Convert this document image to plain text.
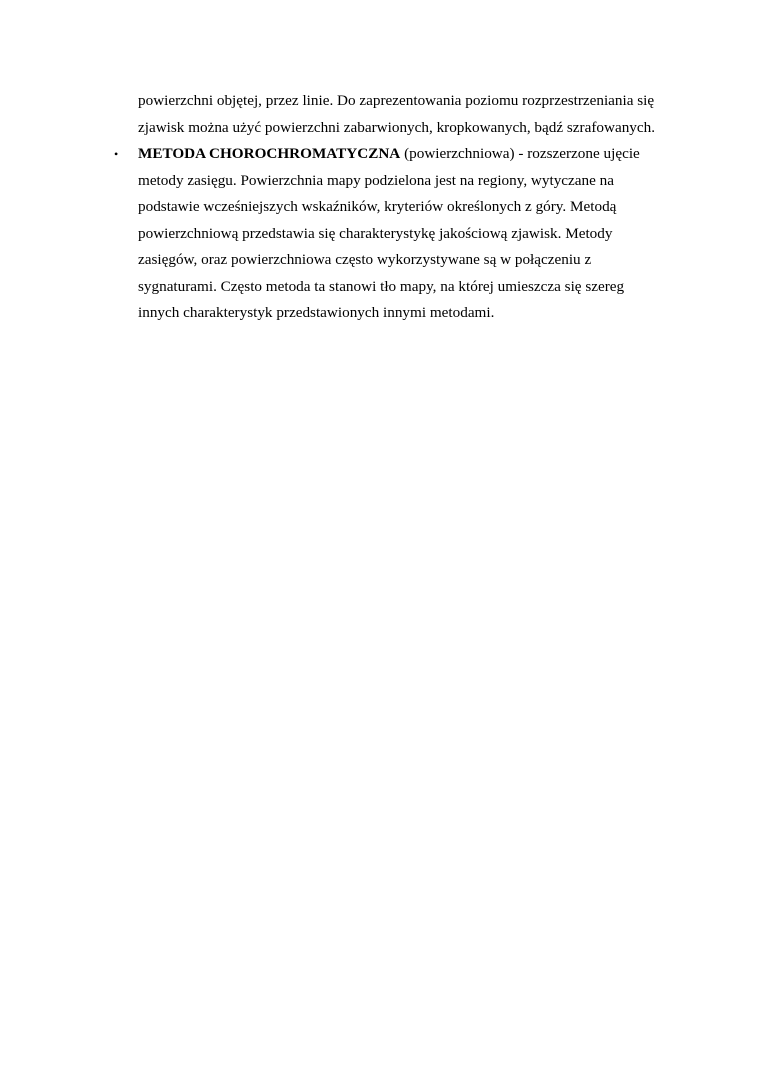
powierzchni objętej, przez linie. Do zaprezentowania poziomu rozprzestrzeniania się
zjawisk można użyć powierzchni zabarwionych, kropkowanych, bądź szrafowanych.
• METODA CHOROCHROMATYCZNA (powierzchniowa) - rozszerzone ujęcie
metody zasięgu. Powierzchnia mapy podzielona jest na regiony, wytyczane na
podstawie wcześniejszych wskaźników, kryteriów określonych z góry. Metodą
powierzchniową przedstawia się charakterystykę jakościową zjawisk. Metody
zasięgów, oraz powierzchniowa często wykorzystywane są w połączeniu z
sygnaturami. Często metoda ta stanowi tło mapy, na której umieszcza się szereg
innych charakterystyk przedstawionych innymi metodami.
